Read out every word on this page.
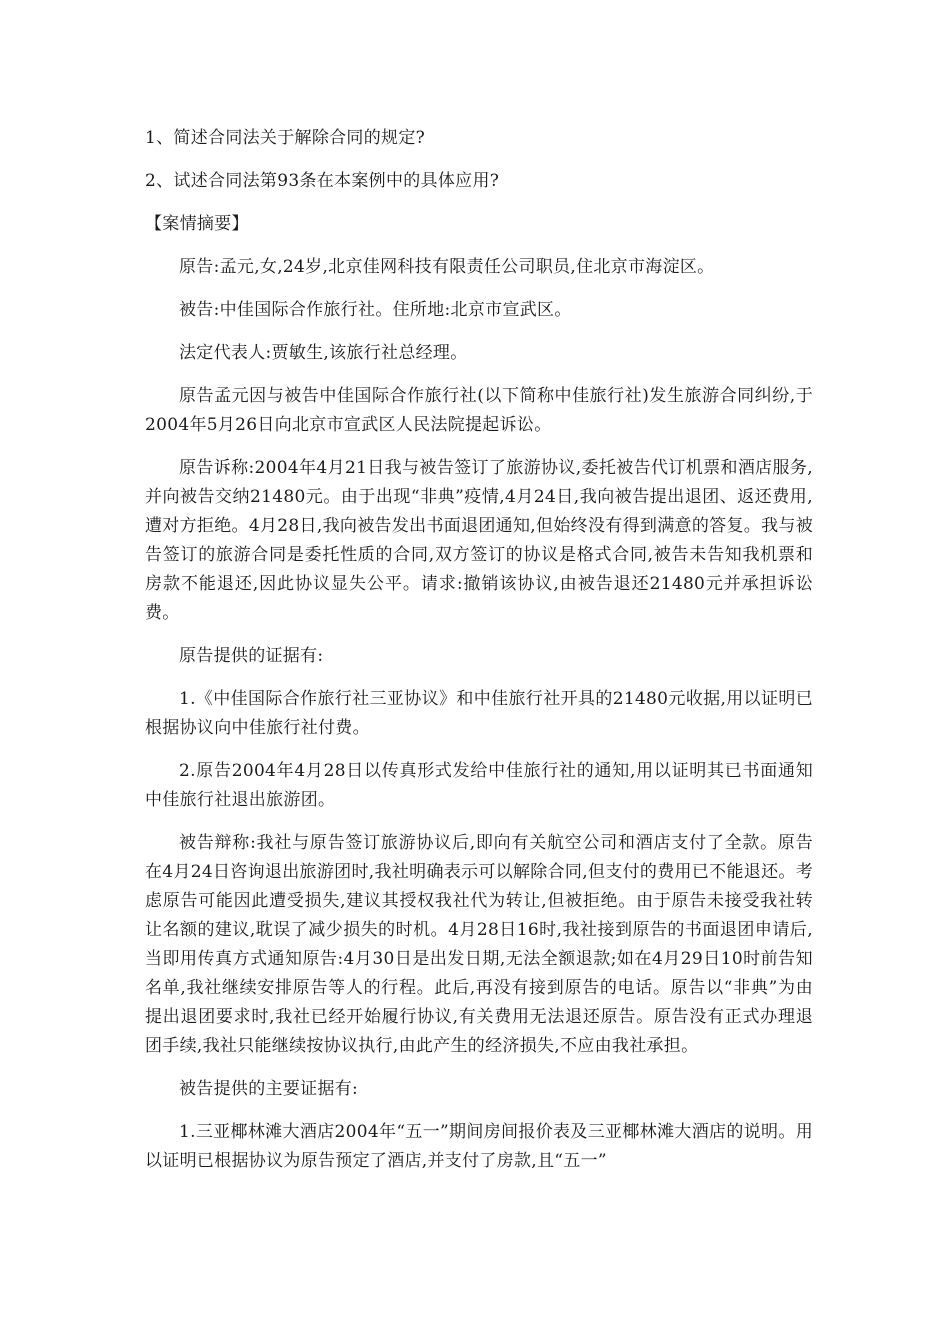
1、简述合同法关于解除合同的规定?

2、试述合同法第93条在本案例中的具体应用?

【案情摘要】

原告:孟元,女,24岁,北京佳网科技有限责任公司职员,住北京市海淀区。

被告:中佳国际合作旅行社。住所地:北京市宣武区。

法定代表人:贾敏生,该旅行社总经理。

原告孟元因与被告中佳国际合作旅行社(以下简称中佳旅行社)发生旅游合同纠纷,于2004年5月26日向北京市宣武区人民法院提起诉讼。

原告诉称:2004年4月21日我与被告签订了旅游协议,委托被告代订机票和酒店服务,并向被告交纳21480元。由于出现“非典”疫情,4月24日,我向被告提出退团、返还费用,遭对方拒绝。4月28日,我向被告发出书面退团通知,但始终没有得到满意的答复。我与被告签订的旅游合同是委托性质的合同,双方签订的协议是格式合同,被告未告知我机票和房款不能退还,因此协议显失公平。请求:撤销该协议,由被告退还21480元并承担诉讼费。

原告提供的证据有:

1.《中佳国际合作旅行社三亚协议》和中佳旅行社开具的21480元收据,用以证明已根据协议向中佳旅行社付费。

2.原告2004年4月28日以传真形式发给中佳旅行社的通知,用以证明其已书面通知中佳旅行社退出旅游团。

被告辩称:我社与原告签订旅游协议后,即向有关航空公司和酒店支付了全款。原告在4月24日咨询退出旅游团时,我社明确表示可以解除合同,但支付的费用已不能退还。考虑原告可能因此遭受损失,建议其授权我社代为转让,但被拒绝。由于原告未接受我社转让名额的建议,耽误了减少损失的时机。4月28日16时,我社接到原告的书面退团申请后,当即用传真方式通知原告:4月30日是出发日期,无法全额退款;如在4月29日10时前告知名单,我社继续安排原告等人的行程。此后,再没有接到原告的电话。原告以“非典”为由提出退团要求时,我社已经开始履行协议,有关费用无法退还原告。原告没有正式办理退团手续,我社只能继续按协议执行,由此产生的经济损失,不应由我社承担。

被告提供的主要证据有:

1.三亚椰林滩大酒店2004年“五一”期间房间报价表及三亚椰林滩大酒店的说明。用以证明已根据协议为原告预定了酒店,并支付了房款,且“五一”
